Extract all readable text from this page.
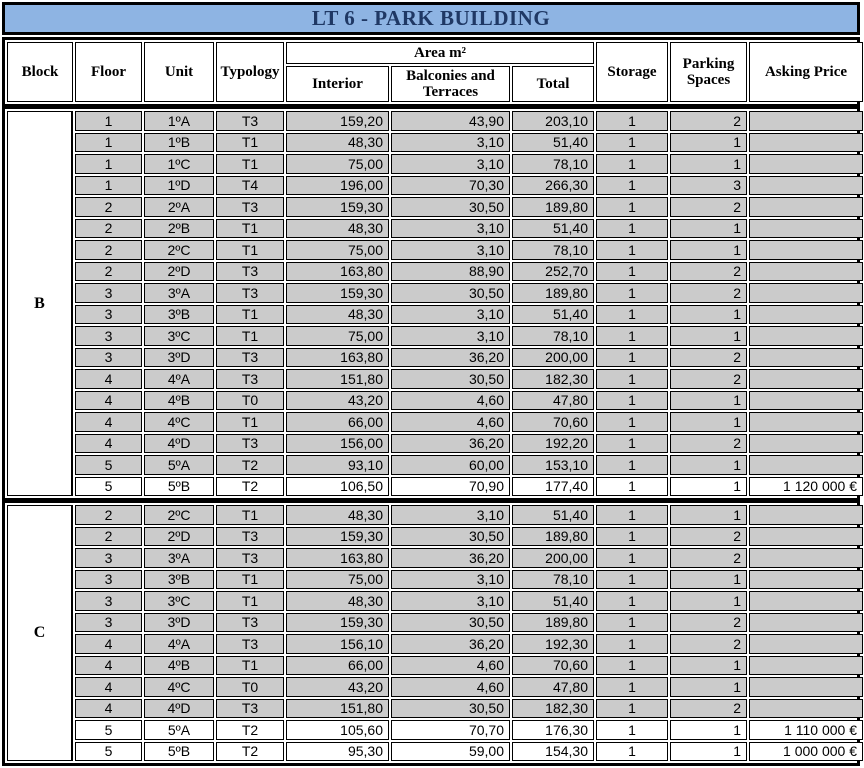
LT 6 - PARK BUILDING
Block	Floor	Unit	Typology
Area m²
Interior
Balconies and Terraces
Total
Storage
Parking Spaces
Asking Price
B
1	1ºA	T3	159,20	43,90	203,10	1	2
1	1ºB	T1	48,30	3,10	51,40	1	1
1	1ºC	T1	75,00	3,10	78,10	1	1
1	1ºD	T4	196,00	70,30	266,30	1	3
2	2ºA	T3	159,30	30,50	189,80	1	2
2	2ºB	T1	48,30	3,10	51,40	1	1
2	2ºC	T1	75,00	3,10	78,10	1	1
2	2ºD	T3	163,80	88,90	252,70	1	2
3	3ºA	T3	159,30	30,50	189,80	1	2
3	3ºB	T1	48,30	3,10	51,40	1	1
3	3ºC	T1	75,00	3,10	78,10	1	1
3	3ºD	T3	163,80	36,20	200,00	1	2
4	4ºA	T3	151,80	30,50	182,30	1	2
4	4ºB	T0	43,20	4,60	47,80	1	1
4	4ºC	T1	66,00	4,60	70,60	1	1
4	4ºD	T3	156,00	36,20	192,20	1	2
5	5ºA	T2	93,10	60,00	153,10	1	1
5	5ºB	T2	106,50	70,90	177,40	1	1	1 120 000 €
C
2	2ºC	T1	48,30	3,10	51,40	1	1
2	2ºD	T3	159,30	30,50	189,80	1	2
3	3ºA	T3	163,80	36,20	200,00	1	2
3	3ºB	T1	75,00	3,10	78,10	1	1
3	3ºC	T1	48,30	3,10	51,40	1	1
3	3ºD	T3	159,30	30,50	189,80	1	2
4	4ºA	T3	156,10	36,20	192,30	1	2
4	4ºB	T1	66,00	4,60	70,60	1	1
4	4ºC	T0	43,20	4,60	47,80	1	1
4	4ºD	T3	151,80	30,50	182,30	1	2
5	5ºA	T2	105,60	70,70	176,30	1	1	1 110 000 €
5	5ºB	T2	95,30	59,00	154,30	1	1	1 000 000 €
